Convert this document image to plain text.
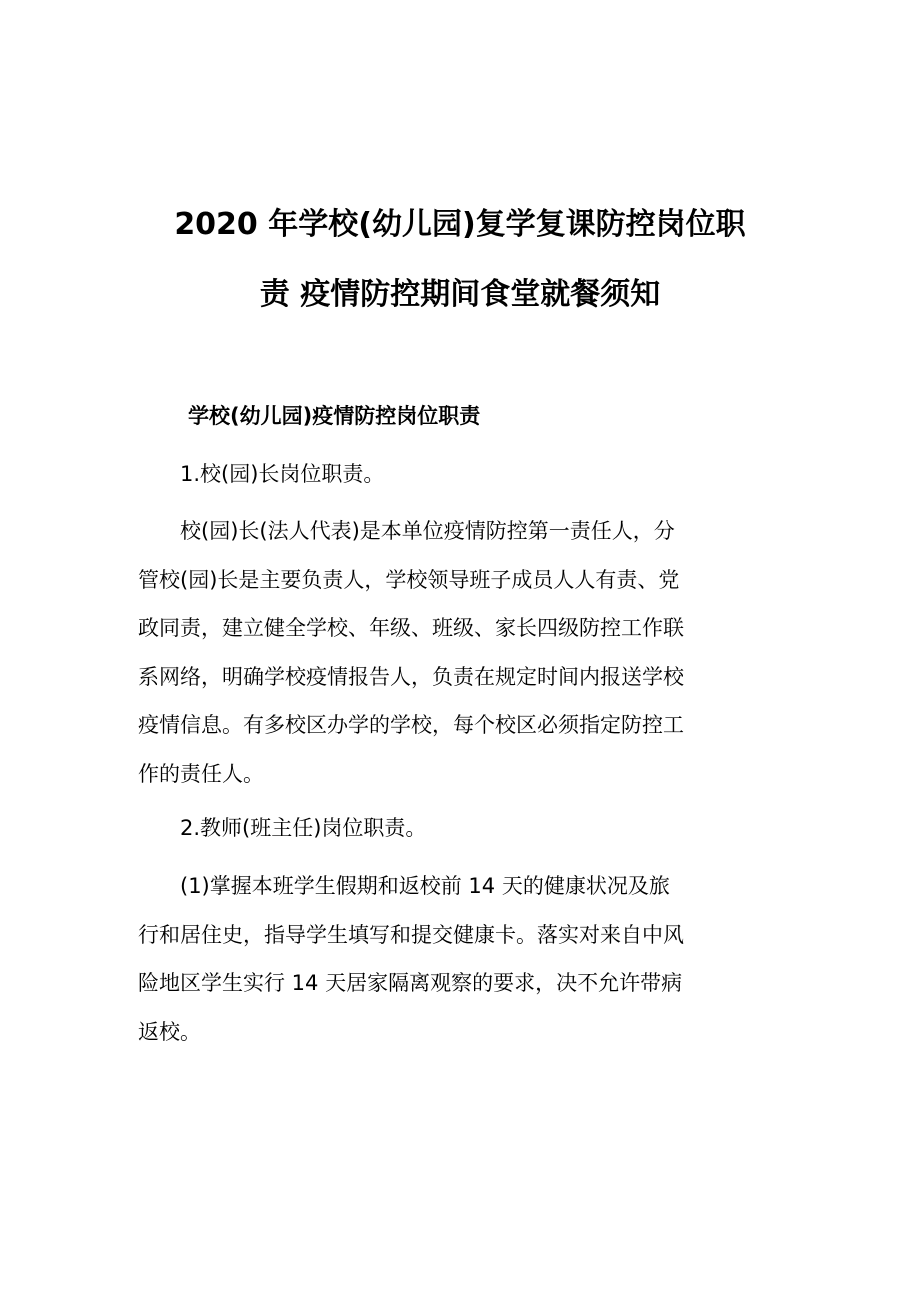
2020 年学校(幼儿园)复学复课防控岗位职
责 疫情防控期间食堂就餐须知
学校(幼儿园)疫情防控岗位职责

1.校(园)长岗位职责。

校(园)长(法人代表)是本单位疫情防控第一责任人，分
管校(园)长是主要负责人，学校领导班子成员人人有责、党
政同责，建立健全学校、年级、班级、家长四级防控工作联
系网络，明确学校疫情报告人，负责在规定时间内报送学校
疫情信息。有多校区办学的学校，每个校区必须指定防控工
作的责任人。

2.教师(班主任)岗位职责。

(1)掌握本班学生假期和返校前 14 天的健康状况及旅
行和居住史，指导学生填写和提交健康卡。落实对来自中风
险地区学生实行 14 天居家隔离观察的要求，决不允许带病
返校。
